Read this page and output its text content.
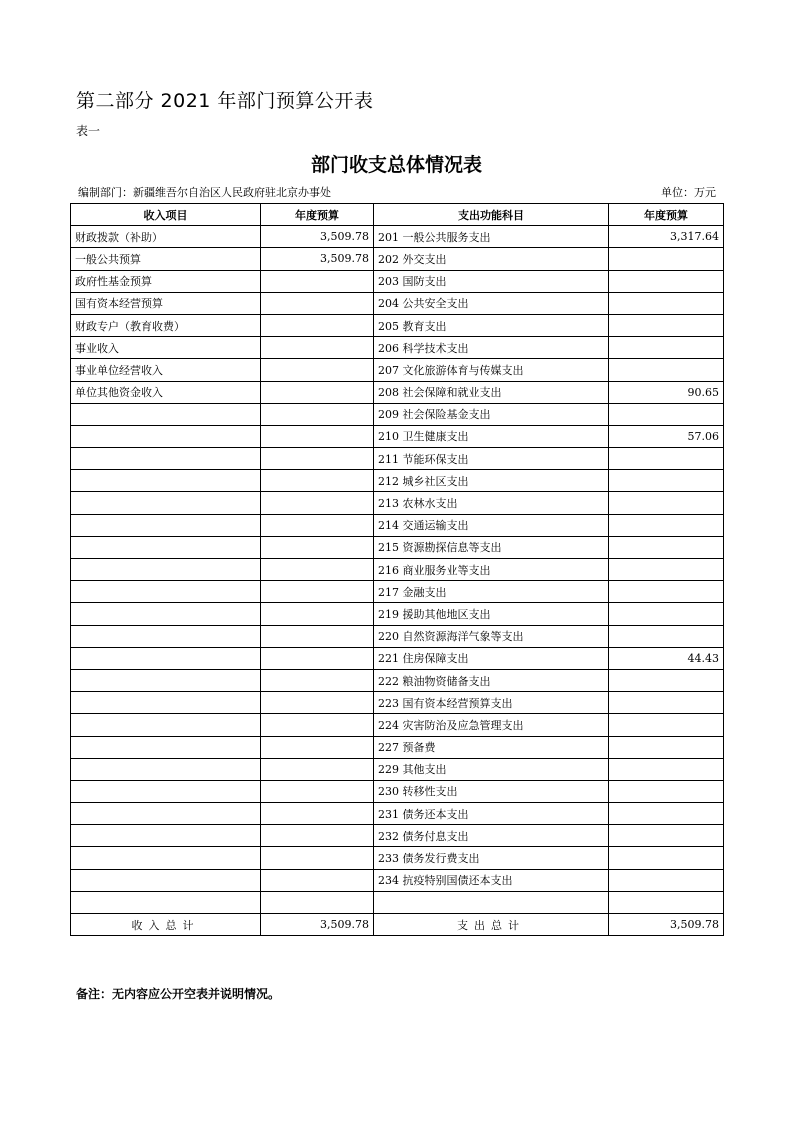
第二部分 2021 年部门预算公开表
表一
部门收支总体情况表
编制部门：新疆维吾尔自治区人民政府驻北京办事处	单位：万元
收入项目	年度预算	支出功能科目	年度预算
财政拨款（补助）	3,509.78	201 一般公共服务支出	3,317.64
一般公共预算	3,509.78	202 外交支出	
政府性基金预算		203 国防支出	
国有资本经营预算		204 公共安全支出	
财政专户（教育收费）		205 教育支出	
事业收入		206 科学技术支出	
事业单位经营收入		207 文化旅游体育与传媒支出	
单位其他资金收入		208 社会保障和就业支出	90.65
		209 社会保险基金支出	
		210 卫生健康支出	57.06
		211 节能环保支出	
		212 城乡社区支出	
		213 农林水支出	
		214 交通运输支出	
		215 资源勘探信息等支出	
		216 商业服务业等支出	
		217 金融支出	
		219 援助其他地区支出	
		220 自然资源海洋气象等支出	
		221 住房保障支出	44.43
		222 粮油物资储备支出	
		223 国有资本经营预算支出	
		224 灾害防治及应急管理支出	
		227 预备费	
		229 其他支出	
		230 转移性支出	
		231 债务还本支出	
		232 债务付息支出	
		233 债务发行费支出	
		234 抗疫特别国债还本支出	

收入总计	3,509.78	支出总计	3,509.78
备注：无内容应公开空表并说明情况。
